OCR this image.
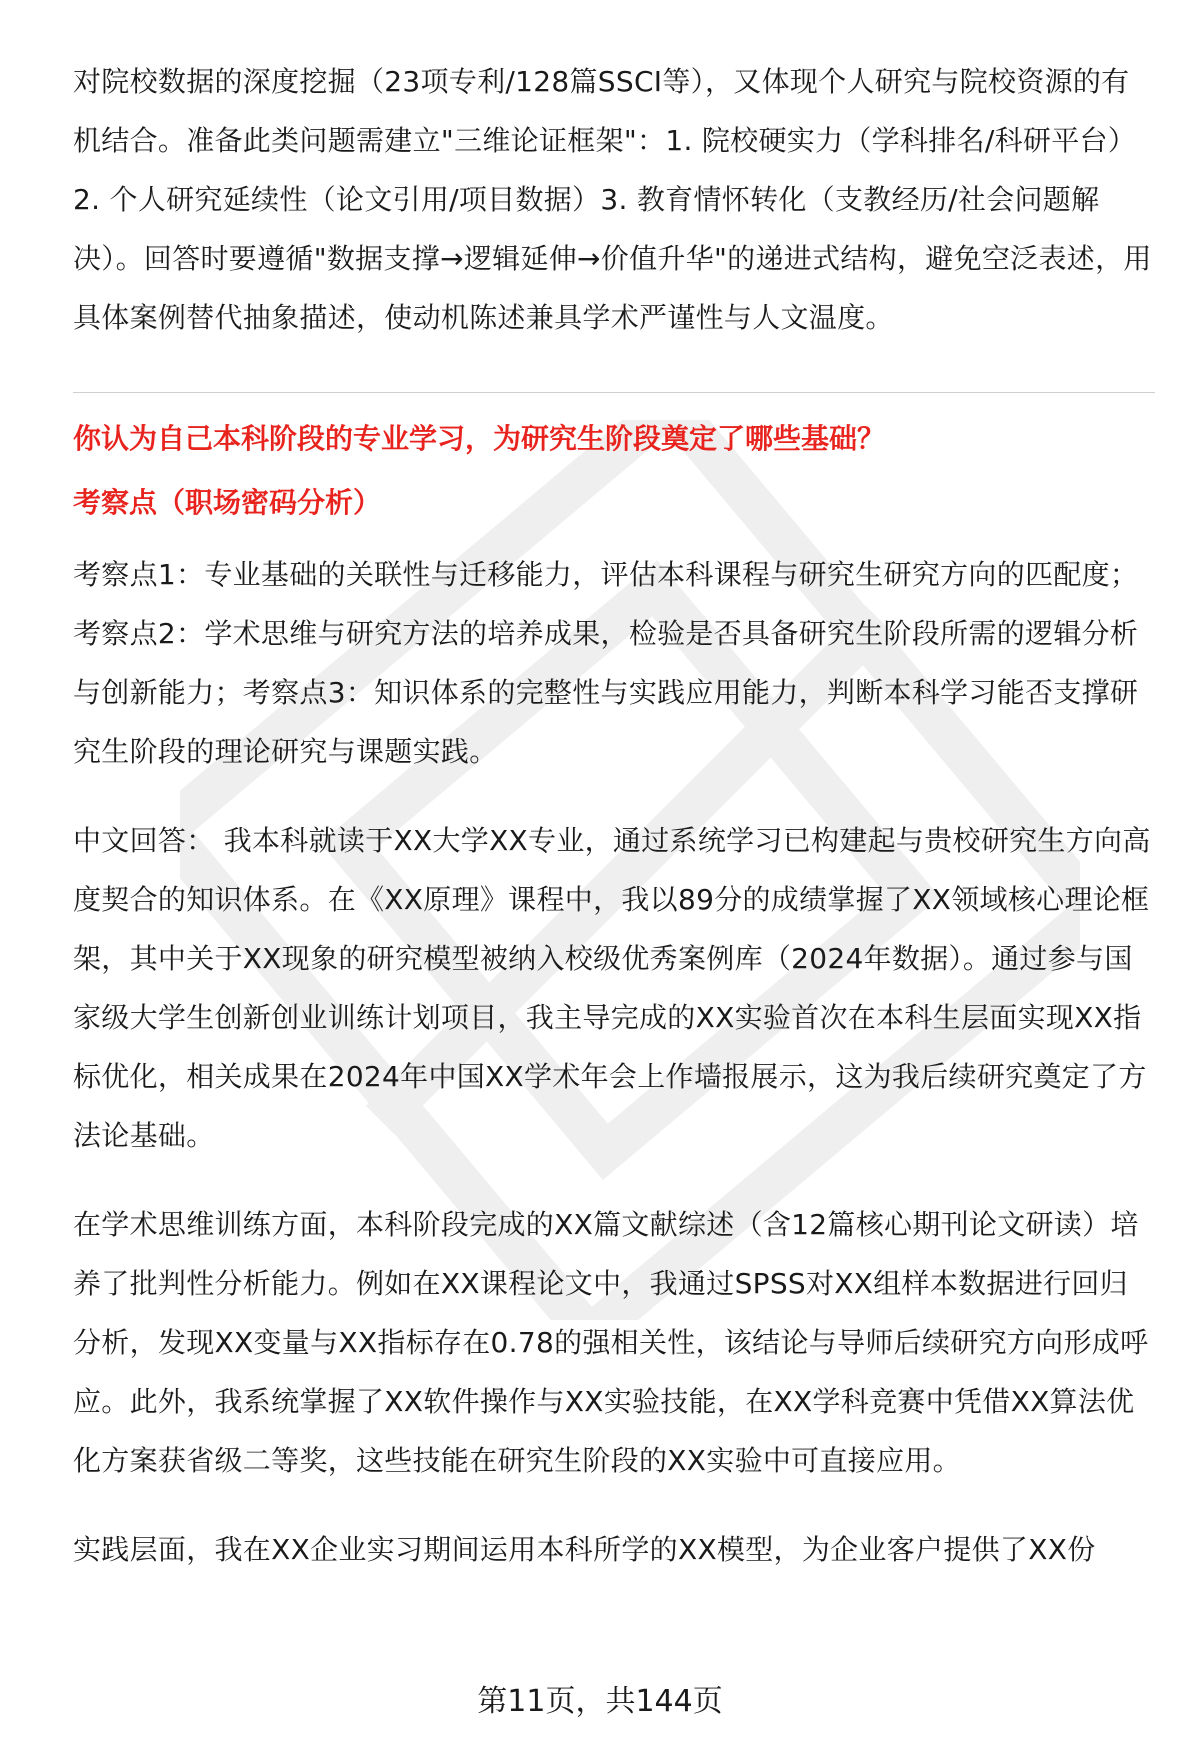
对院校数据的深度挖掘（23项专利/128篇SSCI等），又体现个人研究与院校资源的有机结合。准备此类问题需建立"三维论证框架"：1. 院校硬实力（学科排名/科研平台）2. 个人研究延续性（论文引用/项目数据）3. 教育情怀转化（支教经历/社会问题解决）。回答时要遵循"数据支撑→逻辑延伸→价值升华"的递进式结构，避免空泛表述，用具体案例替代抽象描述，使动机陈述兼具学术严谨性与人文温度。

你认为自己本科阶段的专业学习，为研究生阶段奠定了哪些基础？

考察点（职场密码分析）

考察点1：专业基础的关联性与迁移能力，评估本科课程与研究生研究方向的匹配度；考察点2：学术思维与研究方法的培养成果，检验是否具备研究生阶段所需的逻辑分析与创新能力；考察点3：知识体系的完整性与实践应用能力，判断本科学习能否支撑研究生阶段的理论研究与课题实践。

中文回答： 我本科就读于XX大学XX专业，通过系统学习已构建起与贵校研究生方向高度契合的知识体系。在《XX原理》课程中，我以89分的成绩掌握了XX领域核心理论框架，其中关于XX现象的研究模型被纳入校级优秀案例库（2024年数据）。通过参与国家级大学生创新创业训练计划项目，我主导完成的XX实验首次在本科生层面实现XX指标优化，相关成果在2024年中国XX学术年会上作墙报展示，这为我后续研究奠定了方法论基础。

在学术思维训练方面，本科阶段完成的XX篇文献综述（含12篇核心期刊论文研读）培养了批判性分析能力。例如在XX课程论文中，我通过SPSS对XX组样本数据进行回归分析，发现XX变量与XX指标存在0.78的强相关性，该结论与导师后续研究方向形成呼应。此外，我系统掌握了XX软件操作与XX实验技能，在XX学科竞赛中凭借XX算法优化方案获省级二等奖，这些技能在研究生阶段的XX实验中可直接应用。

实践层面，我在XX企业实习期间运用本科所学的XX模型，为企业客户提供了XX份

第11页，共144页
